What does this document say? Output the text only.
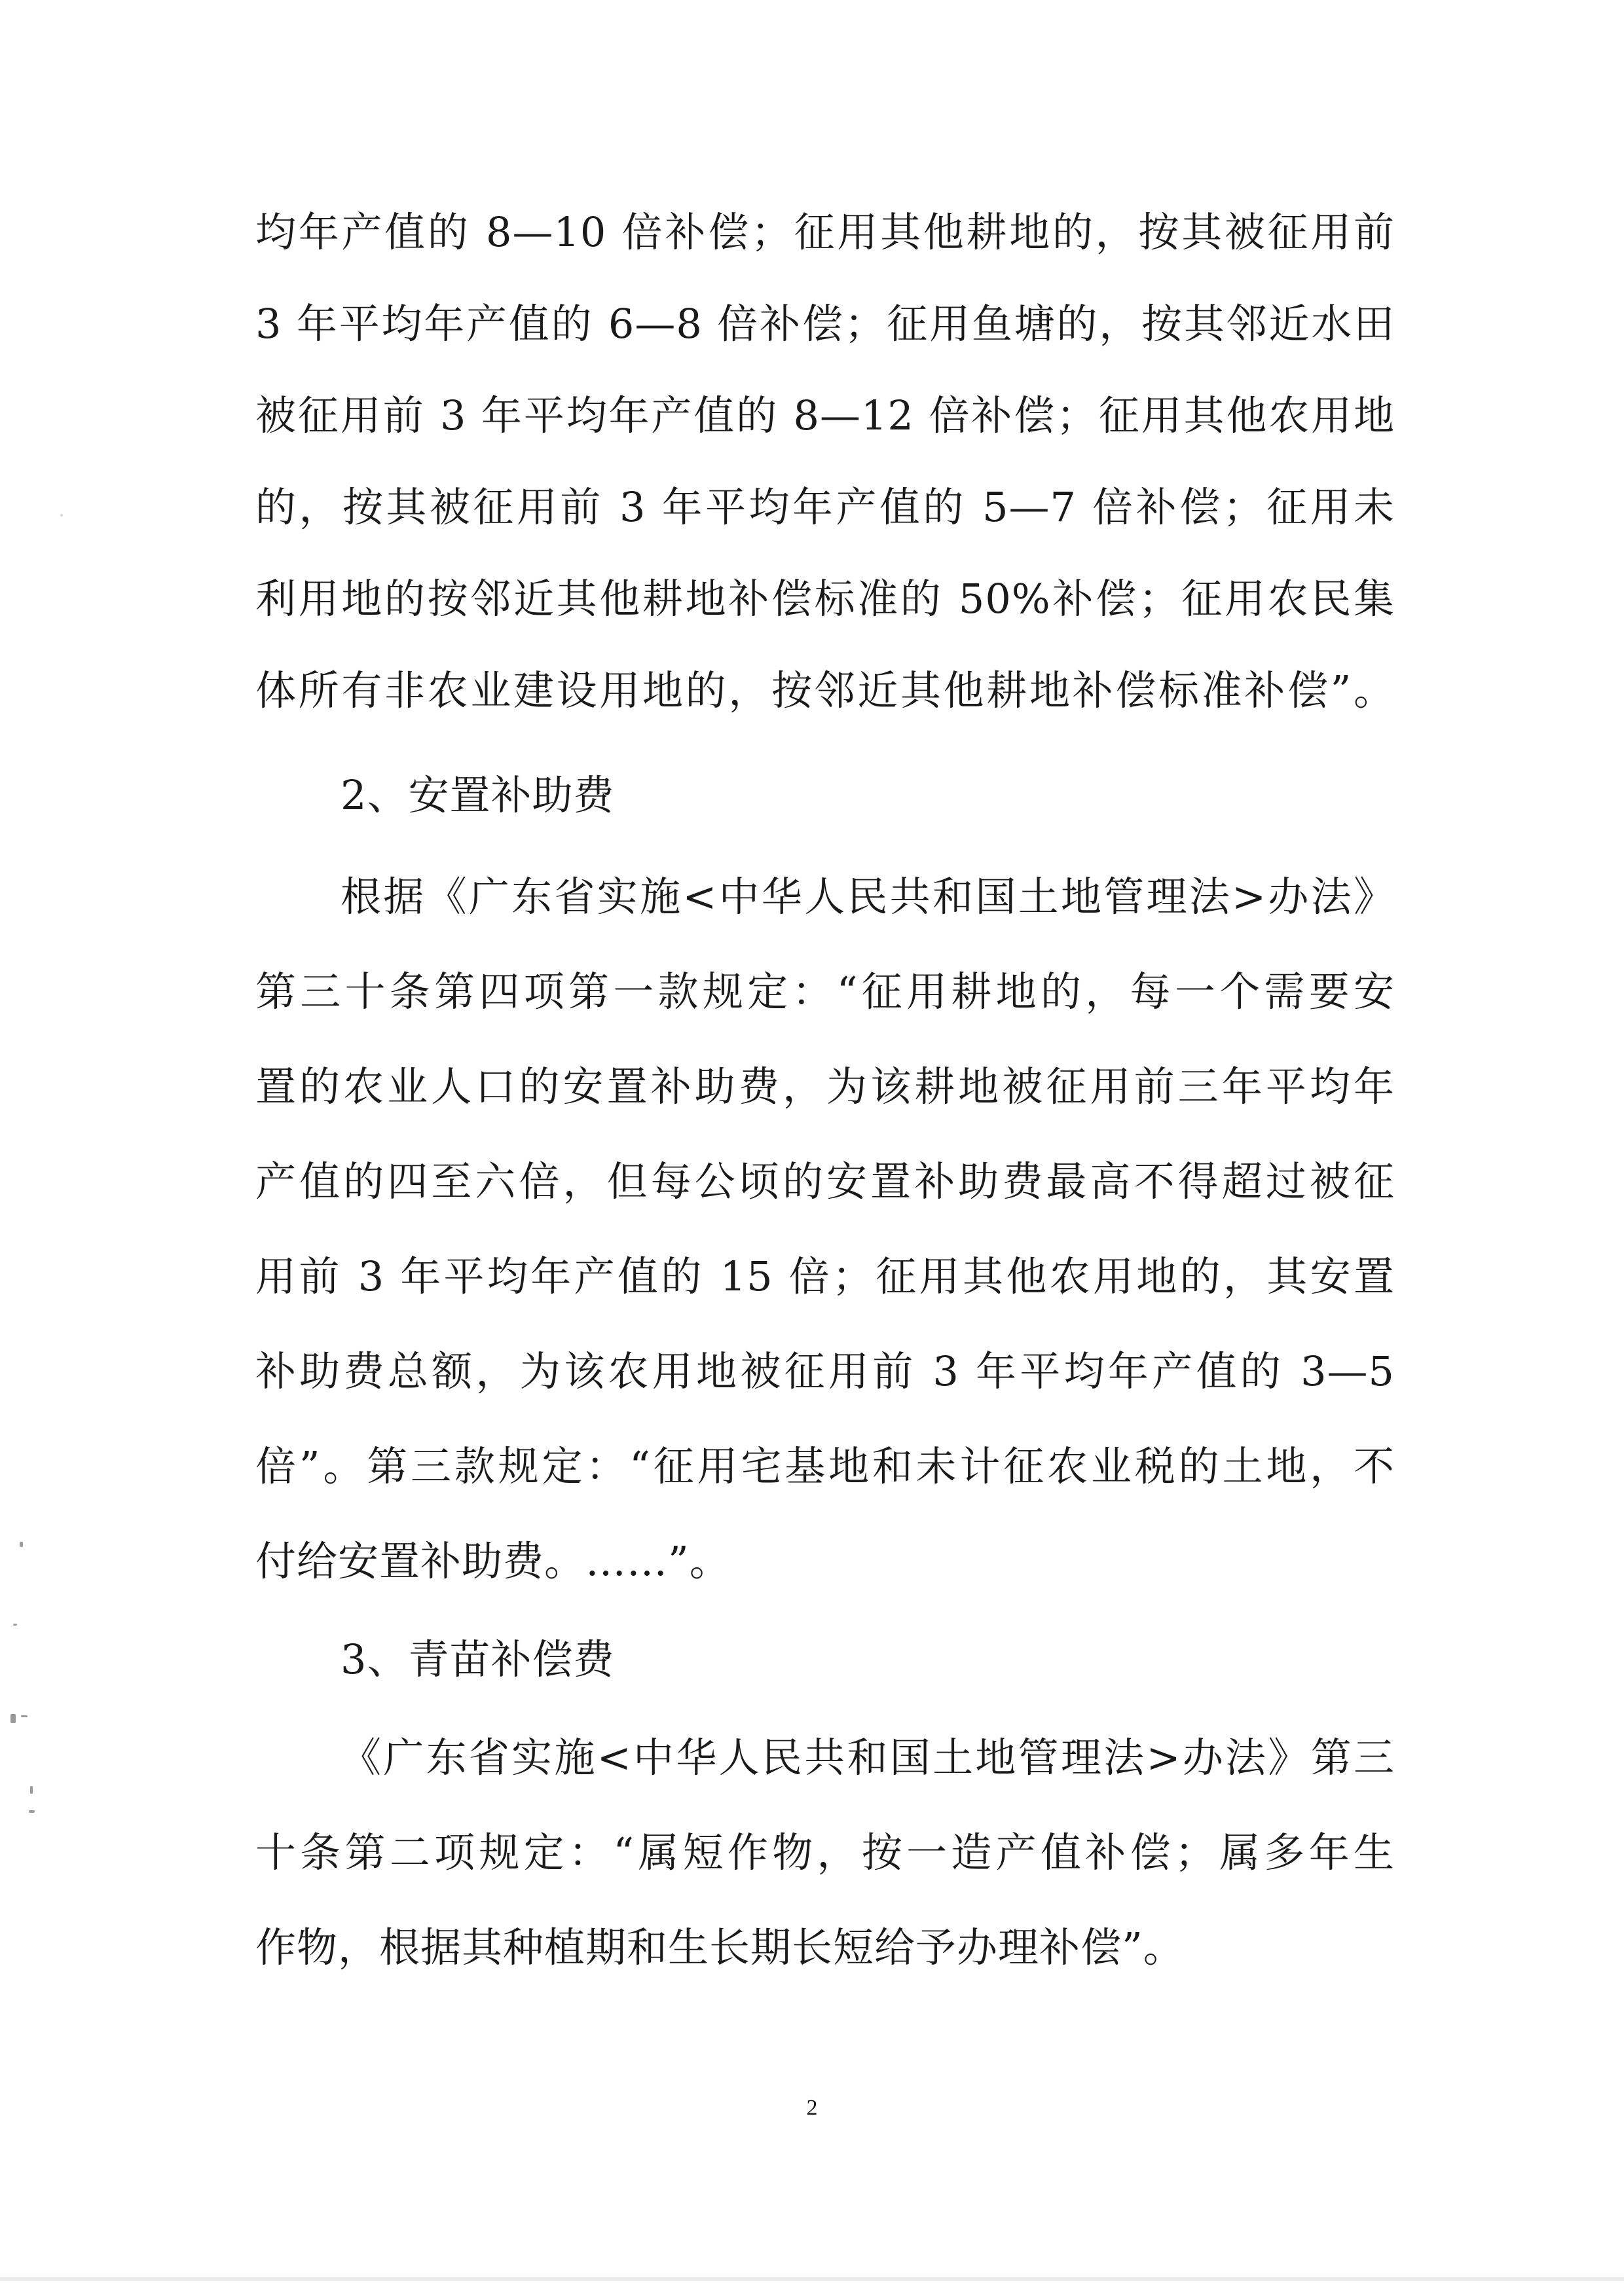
均年产值的 8—10 倍补偿；征用其他耕地的，按其被征用前
3 年平均年产值的 6—8 倍补偿；征用鱼塘的，按其邻近水田
被征用前 3 年平均年产值的 8—12 倍补偿；征用其他农用地
的，按其被征用前 3 年平均年产值的 5—7 倍补偿；征用未
利用地的按邻近其他耕地补偿标准的 50%补偿；征用农民集
体所有非农业建设用地的，按邻近其他耕地补偿标准补偿”。
2、安置补助费
根据《广东省实施<中华人民共和国土地管理法>办法》
第三十条第四项第一款规定：“征用耕地的，每一个需要安
置的农业人口的安置补助费，为该耕地被征用前三年平均年
产值的四至六倍，但每公顷的安置补助费最高不得超过被征
用前 3 年平均年产值的 15 倍；征用其他农用地的，其安置
补助费总额，为该农用地被征用前 3 年平均年产值的 3—5
倍”。第三款规定：“征用宅基地和未计征农业税的土地，不
付给安置补助费。……”。
3、青苗补偿费
《广东省实施<中华人民共和国土地管理法>办法》第三
十条第二项规定：“属短作物，按一造产值补偿；属多年生
作物，根据其种植期和生长期长短给予办理补偿”。
2
